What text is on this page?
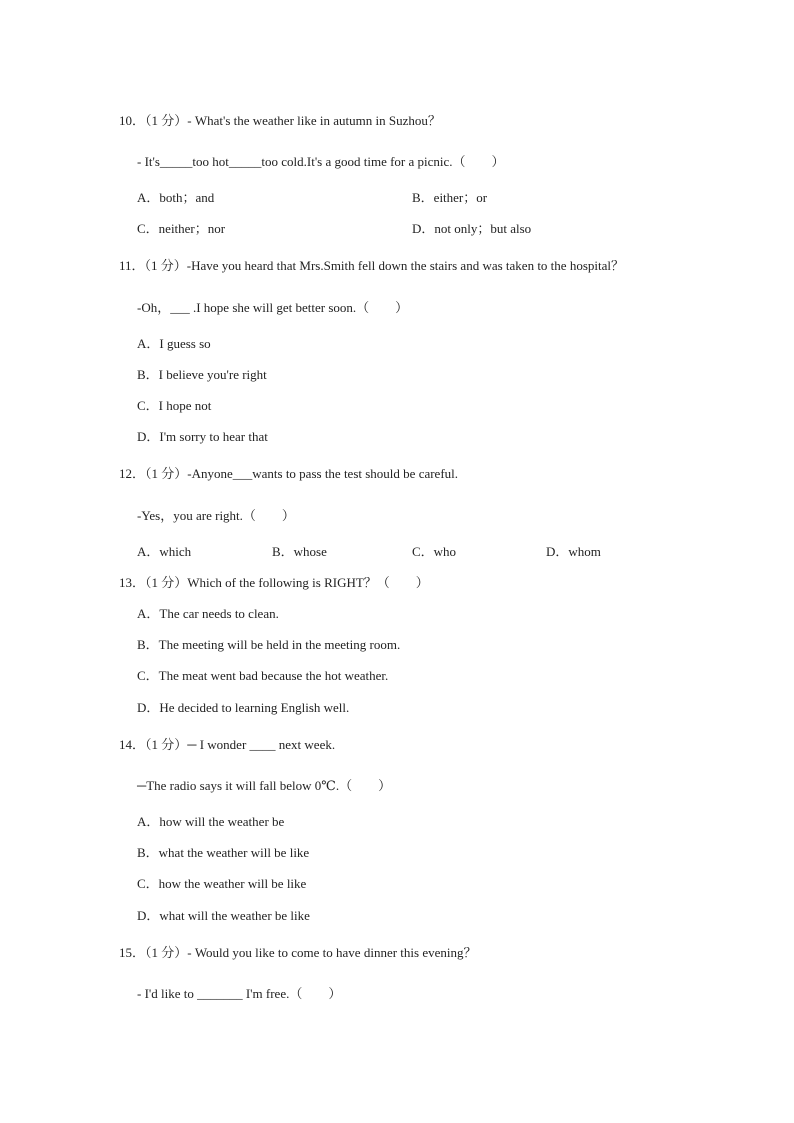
10．（1 分）- What's the weather like in autumn in Suzhou？
- It's_____too hot_____too cold.It's a good time for a picnic.（　　）
A．both；and	B．either；or
C．neither；nor	D．not only；but also
11．（1 分）-Have you heard that Mrs.Smith fell down the stairs and was taken to the hospital？
-Oh，___ .I hope she will get better soon.（　　）
A．I guess so
B．I believe you're right
C．I hope not
D．I'm sorry to hear that
12．（1 分）-Anyone___wants to pass the test should be careful.
-Yes，you are right.（　　）
A．which	B．whose	C．who	D．whom
13．（1 分）Which of the following is RIGHT？（　　）
A．The car needs to clean.
B．The meeting will be held in the meeting room.
C．The meat went bad because the hot weather.
D．He decided to learning English well.
14．（1 分）─ I wonder ____ next week.
─The radio says it will fall below 0℃.（　　）
A．how will the weather be
B．what the weather will be like
C．how the weather will be like
D．what will the weather be like
15．（1 分）- Would you like to come to have dinner this evening？
- I'd like to _______ I'm free.（　　）
